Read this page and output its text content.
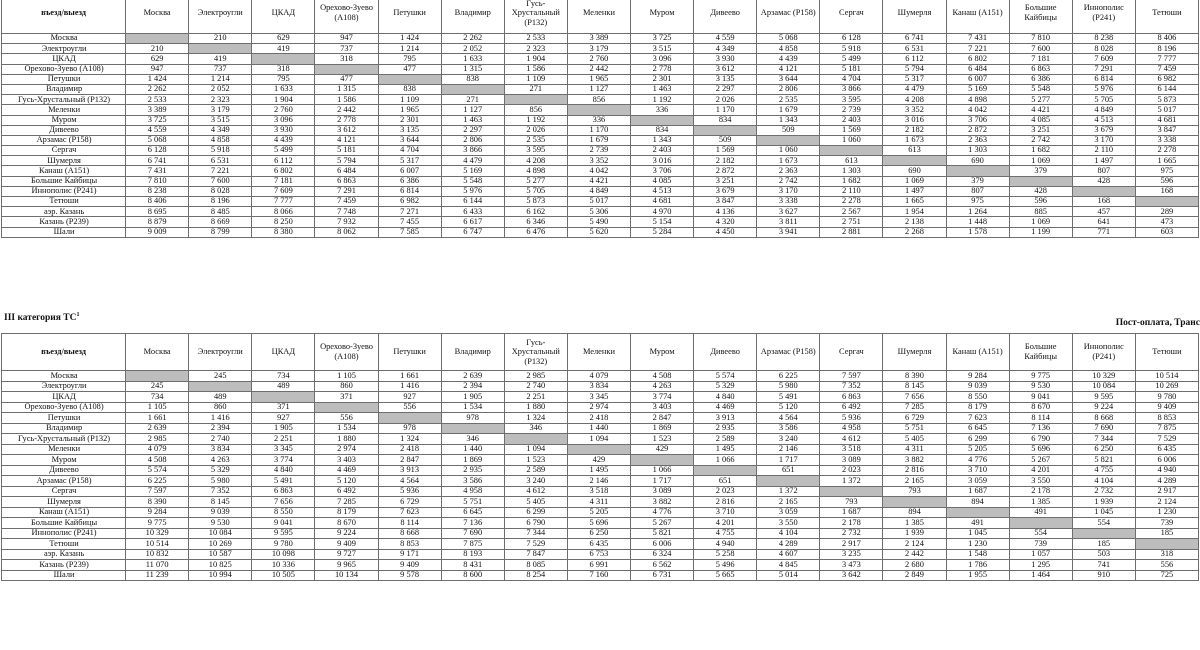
въезд/выезд	Москва	Электроугли	ЦКАД	Орехово-Зуево (А108)	Петушки	Владимир	Гусь-Хрустальный (Р132)	Меленки	Муром	Дивеево	Арзамас (Р158)	Сергач	Шумерля	Канаш (А151)	Большие Кайбицы	Иннополис (Р241)	Тетюши
Москва		210	629	947	1 424	2 262	2 533	3 389	3 725	4 559	5 068	6 128	6 741	7 431	7 810	8 238	8 406
Электроугли	210		419	737	1 214	2 052	2 323	3 179	3 515	4 349	4 858	5 918	6 531	7 221	7 600	8 028	8 196
ЦКАД	629	419		318	795	1 633	1 904	2 760	3 096	3 930	4 439	5 499	6 112	6 802	7 181	7 609	7 777
Орехово-Зуево (А108)	947	737	318		477	1 315	1 586	2 442	2 778	3 612	4 121	5 181	5 794	6 484	6 863	7 291	7 459
Петушки	1 424	1 214	795	477		838	1 109	1 965	2 301	3 135	3 644	4 704	5 317	6 007	6 386	6 814	6 982
Владимир	2 262	2 052	1 633	1 315	838		271	1 127	1 463	2 297	2 806	3 866	4 479	5 169	5 548	5 976	6 144
Гусь-Хрустальный (Р132)	2 533	2 323	1 904	1 586	1 109	271		856	1 192	2 026	2 535	3 595	4 208	4 898	5 277	5 705	5 873
Меленки	3 389	3 179	2 760	2 442	1 965	1 127	856		336	1 170	1 679	2 739	3 352	4 042	4 421	4 849	5 017
Муром	3 725	3 515	3 096	2 778	2 301	1 463	1 192	336		834	1 343	2 403	3 016	3 706	4 085	4 513	4 681
Дивеево	4 559	4 349	3 930	3 612	3 135	2 297	2 026	1 170	834		509	1 569	2 182	2 872	3 251	3 679	3 847
Арзамас (Р158)	5 068	4 858	4 439	4 121	3 644	2 806	2 535	1 679	1 343	509		1 060	1 673	2 363	2 742	3 170	3 338
Сергач	6 128	5 918	5 499	5 181	4 704	3 866	3 595	2 739	2 403	1 569	1 060		613	1 303	1 682	2 110	2 278
Шумерля	6 741	6 531	6 112	5 794	5 317	4 479	4 208	3 352	3 016	2 182	1 673	613		690	1 069	1 497	1 665
Канаш (А151)	7 431	7 221	6 802	6 484	6 007	5 169	4 898	4 042	3 706	2 872	2 363	1 303	690		379	807	975
Большие Кайбицы	7 810	7 600	7 181	6 863	6 386	5 548	5 277	4 421	4 085	3 251	2 742	1 682	1 069	379		428	596
Иннополис (Р241)	8 238	8 028	7 609	7 291	6 814	5 976	5 705	4 849	4 513	3 679	3 170	2 110	1 497	807	428		168
Тетюши	8 406	8 196	7 777	7 459	6 982	6 144	5 873	5 017	4 681	3 847	3 338	2 278	1 665	975	596	168	
аэр. Казань	8 695	8 485	8 066	7 748	7 271	6 433	6 162	5 306	4 970	4 136	3 627	2 567	1 954	1 264	885	457	289
Казань (Р239)	8 879	8 669	8 250	7 932	7 455	6 617	6 346	5 490	5 154	4 320	3 811	2 751	2 138	1 448	1 069	641	473
Шали	9 009	8 799	8 380	8 062	7 585	6 747	6 476	5 620	5 284	4 450	3 941	2 881	2 268	1 578	1 199	771	603
III категория $ТС^1$
Пост-оплата, Транс
въезд/выезд	Москва	Электроугли	ЦКАД	Орехово-Зуево (А108)	Петушки	Владимир	Гусь-Хрустальный (Р132)	Меленки	Муром	Дивеево	Арзамас (Р158)	Сергач	Шумерля	Канаш (А151)	Большие Кайбицы	Иннополис (Р241)	Тетюши
Москва		245	734	1 105	1 661	2 639	2 985	4 079	4 508	5 574	6 225	7 597	8 390	9 284	9 775	10 329	10 514
Электроугли	245		489	860	1 416	2 394	2 740	3 834	4 263	5 329	5 980	7 352	8 145	9 039	9 530	10 084	10 269
ЦКАД	734	489		371	927	1 905	2 251	3 345	3 774	4 840	5 491	6 863	7 656	8 550	9 041	9 595	9 780
Орехово-Зуево (А108)	1 105	860	371		556	1 534	1 880	2 974	3 403	4 469	5 120	6 492	7 285	8 179	8 670	9 224	9 409
Петушки	1 661	1 416	927	556		978	1 324	2 418	2 847	3 913	4 564	5 936	6 729	7 623	8 114	8 668	8 853
Владимир	2 639	2 394	1 905	1 534	978		346	1 440	1 869	2 935	3 586	4 958	5 751	6 645	7 136	7 690	7 875
Гусь-Хрустальный (Р132)	2 985	2 740	2 251	1 880	1 324	346		1 094	1 523	2 589	3 240	4 612	5 405	6 299	6 790	7 344	7 529
Меленки	4 079	3 834	3 345	2 974	2 418	1 440	1 094		429	1 495	2 146	3 518	4 311	5 205	5 696	6 250	6 435
Муром	4 508	4 263	3 774	3 403	2 847	1 869	1 523	429		1 066	1 717	3 089	3 882	4 776	5 267	5 821	6 006
Дивеево	5 574	5 329	4 840	4 469	3 913	2 935	2 589	1 495	1 066		651	2 023	2 816	3 710	4 201	4 755	4 940
Арзамас (Р158)	6 225	5 980	5 491	5 120	4 564	3 586	3 240	2 146	1 717	651		1 372	2 165	3 059	3 550	4 104	4 289
Сергач	7 597	7 352	6 863	6 492	5 936	4 958	4 612	3 518	3 089	2 023	1 372		793	1 687	2 178	2 732	2 917
Шумерля	8 390	8 145	7 656	7 285	6 729	5 751	5 405	4 311	3 882	2 816	2 165	793		894	1 385	1 939	2 124
Канаш (А151)	9 284	9 039	8 550	8 179	7 623	6 645	6 299	5 205	4 776	3 710	3 059	1 687	894		491	1 045	1 230
Большие Кайбицы	9 775	9 530	9 041	8 670	8 114	7 136	6 790	5 696	5 267	4 201	3 550	2 178	1 385	491		554	739
Иннополис (Р241)	10 329	10 084	9 595	9 224	8 668	7 690	7 344	6 250	5 821	4 755	4 104	2 732	1 939	1 045	554		185
Тетюши	10 514	10 269	9 780	9 409	8 853	7 875	7 529	6 435	6 006	4 940	4 289	2 917	2 124	1 230	739	185	
аэр. Казань	10 832	10 587	10 098	9 727	9 171	8 193	7 847	6 753	6 324	5 258	4 607	3 235	2 442	1 548	1 057	503	318
Казань (Р239)	11 070	10 825	10 336	9 965	9 409	8 431	8 085	6 991	6 562	5 496	4 845	3 473	2 680	1 786	1 295	741	556
Шали	11 239	10 994	10 505	10 134	9 578	8 600	8 254	7 160	6 731	5 665	5 014	3 642	2 849	1 955	1 464	910	725
